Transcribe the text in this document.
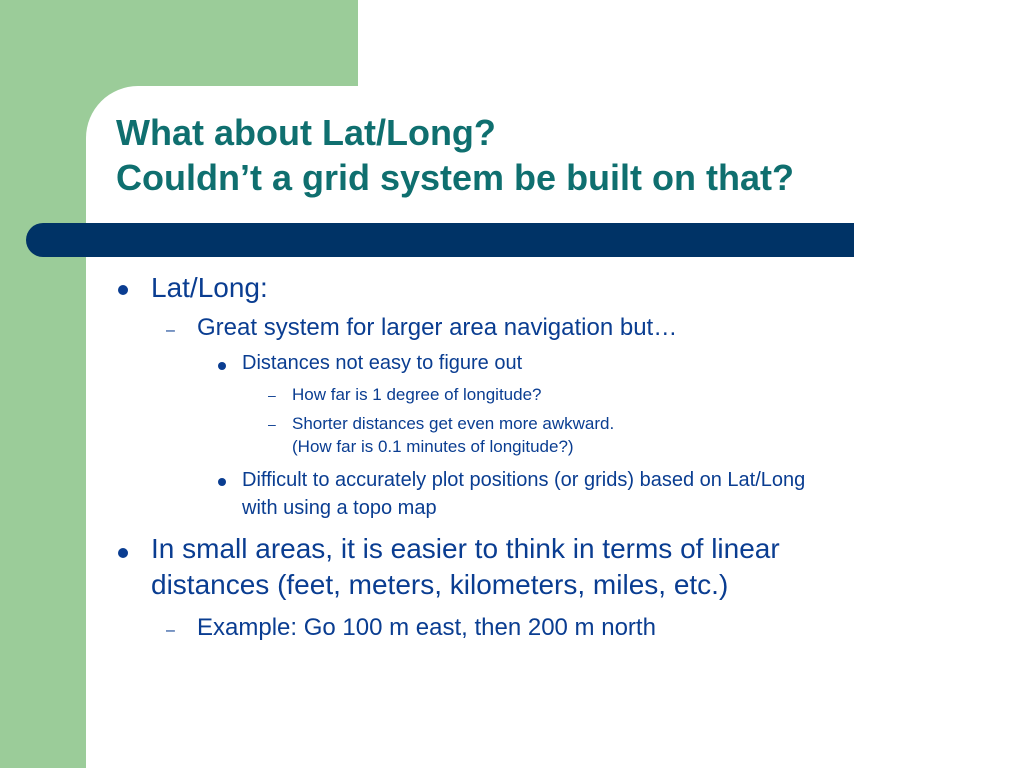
What about Lat/Long?
Couldn’t a grid system be built on that?
Lat/Long:
– Great system for larger area navigation but…
Distances not easy to figure out
– How far is 1 degree of longitude?
– Shorter distances get even more awkward.
(How far is 0.1 minutes of longitude?)
Difficult to accurately plot positions (or grids) based on Lat/Long
with using a topo map
In small areas, it is easier to think in terms of linear
distances (feet, meters, kilometers, miles, etc.)
– Example: Go 100 m east, then 200 m north
